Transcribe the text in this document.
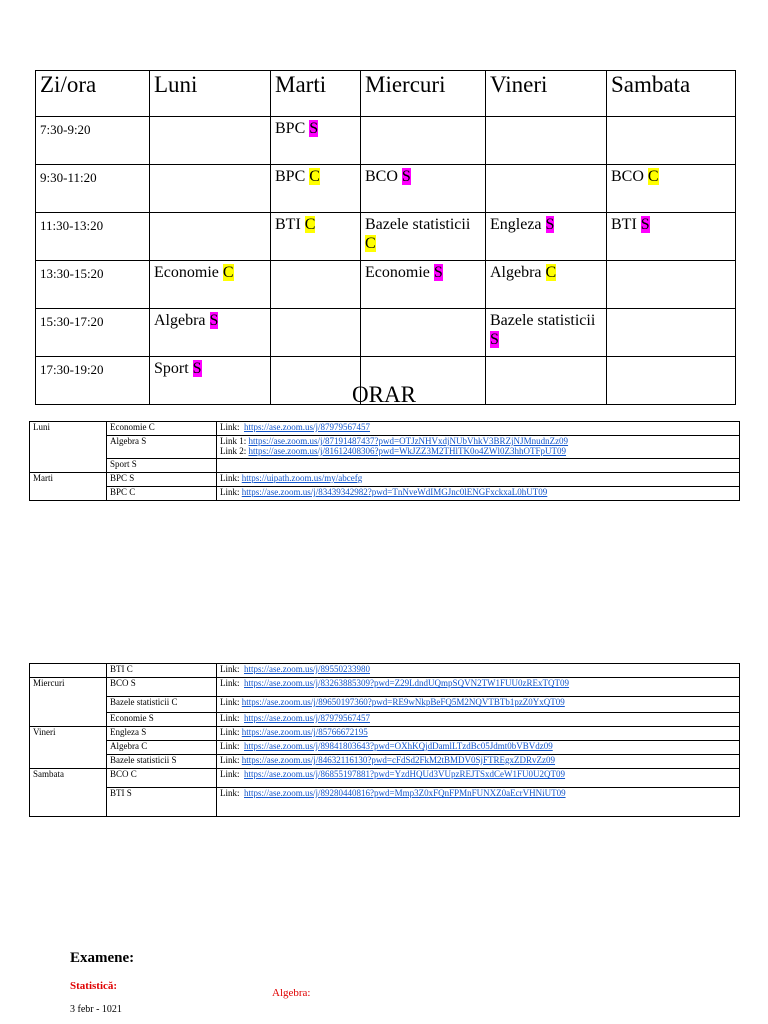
Zi/ora	Luni	Marti	Miercuri	Vineri	Sambata
7:30-9:20		BPC S			
9:30-11:20		BPC C	BCO S		BCO C
11:30-13:20		BTI C	Bazele statisticii C	Engleza S	BTI S
13:30-15:20	Economie C		Economie S	Algebra C	
15:30-17:20	Algebra S			Bazele statisticii S	
17:30-19:20	Sport S				
ORAR
Luni	Economie C	Link:  https://ase.zoom.us/j/87979567457

	Algebra S	Link 1: https://ase.zoom.us/j/87191487437?pwd=OTJzNHVxdjNUbVhkV3BRZjNJMnudnZz09
Link 2: https://ase.zoom.us/j/81612408306?pwd=WkJZZ3M2THlTK0o4ZWl0Z3hhOTFpUT09

	Sport S	
Marti	BPC S	Link: https://uipath.zoom.us/my/abcefg

	BPC C	Link: https://ase.zoom.us/j/83439342982?pwd=TnNveWdIMGJnc0lENGFxckxaL0hUT09
	BTI C	Link:  https://ase.zoom.us/j/89550233980

Miercuri	BCO S	Link:  https://ase.zoom.us/j/83263885309?pwd=Z29LdndUQmpSQVN2TW1FUU0zRExTQT09

	Bazele statisticii C	Link: https://ase.zoom.us/j/89650197360?pwd=RE9wNkpBeFQ5M2NQVTBTb1pzZ0YxQT09

	Economie S	Link:  https://ase.zoom.us/j/87979567457

Vineri	Engleza S	Link: https://ase.zoom.us/j/85766672195

	Algebra C	Link:  https://ase.zoom.us/j/89841803643?pwd=OXhKQjdDamlLTzdBc05Jdmt0bVBVdz09

	Bazele statisticii S	Link: https://ase.zoom.us/j/84632116130?pwd=cFdSd2FkM2tBMDV0SjFTREgxZDRvZz09

Sambata	BCO C	Link:  https://ase.zoom.us/j/86855197881?pwd=YzdHQUd3VUpzREJTSxdCeW1FU0U2QT09

	BTI S	Link:  https://ase.zoom.us/j/89280440816?pwd=Mmp3Z0xFQnFPMnFUNXZ0aEcrVHNiUT09
Examene:
Statistică:
Algebra:
3 febr - 1021
